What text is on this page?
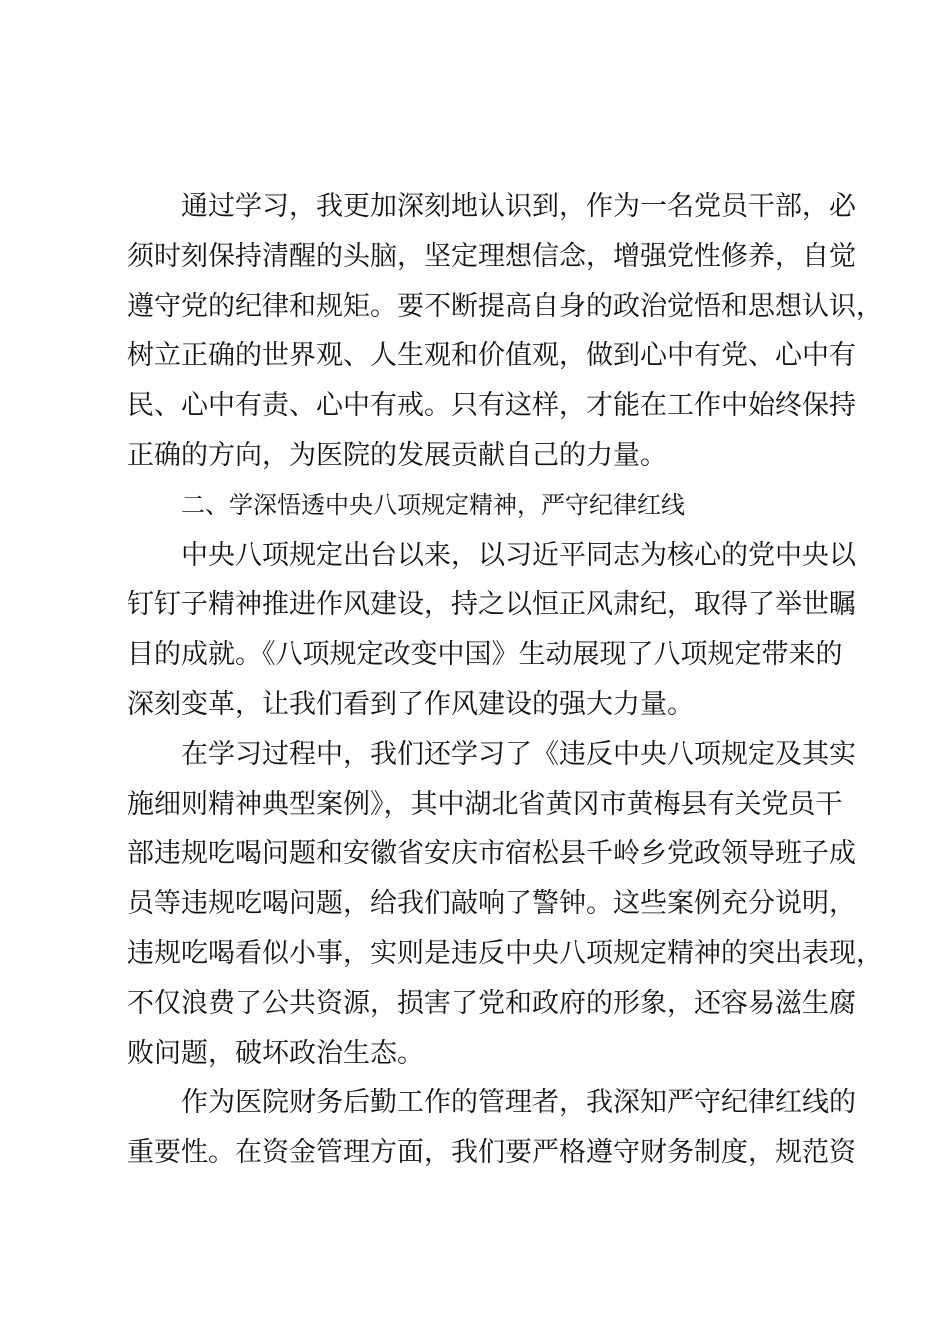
通过学习，我更加深刻地认识到，作为一名党员干部，必
须时刻保持清醒的头脑，坚定理想信念，增强党性修养，自觉
遵守党的纪律和规矩。要不断提高自身的政治觉悟和思想认识，
树立正确的世界观、人生观和价值观，做到心中有党、心中有
民、心中有责、心中有戒。只有这样，才能在工作中始终保持
正确的方向，为医院的发展贡献自己的力量。
二、学深悟透中央八项规定精神，严守纪律红线
中央八项规定出台以来，以习近平同志为核心的党中央以
钉钉子精神推进作风建设，持之以恒正风肃纪，取得了举世瞩
目的成就。《八项规定改变中国》生动展现了八项规定带来的
深刻变革，让我们看到了作风建设的强大力量。
在学习过程中，我们还学习了《违反中央八项规定及其实
施细则精神典型案例》，其中湖北省黄冈市黄梅县有关党员干
部违规吃喝问题和安徽省安庆市宿松县千岭乡党政领导班子成
员等违规吃喝问题，给我们敲响了警钟。这些案例充分说明，
违规吃喝看似小事，实则是违反中央八项规定精神的突出表现，
不仅浪费了公共资源，损害了党和政府的形象，还容易滋生腐
败问题，破坏政治生态。
作为医院财务后勤工作的管理者，我深知严守纪律红线的
重要性。在资金管理方面，我们要严格遵守财务制度，规范资
